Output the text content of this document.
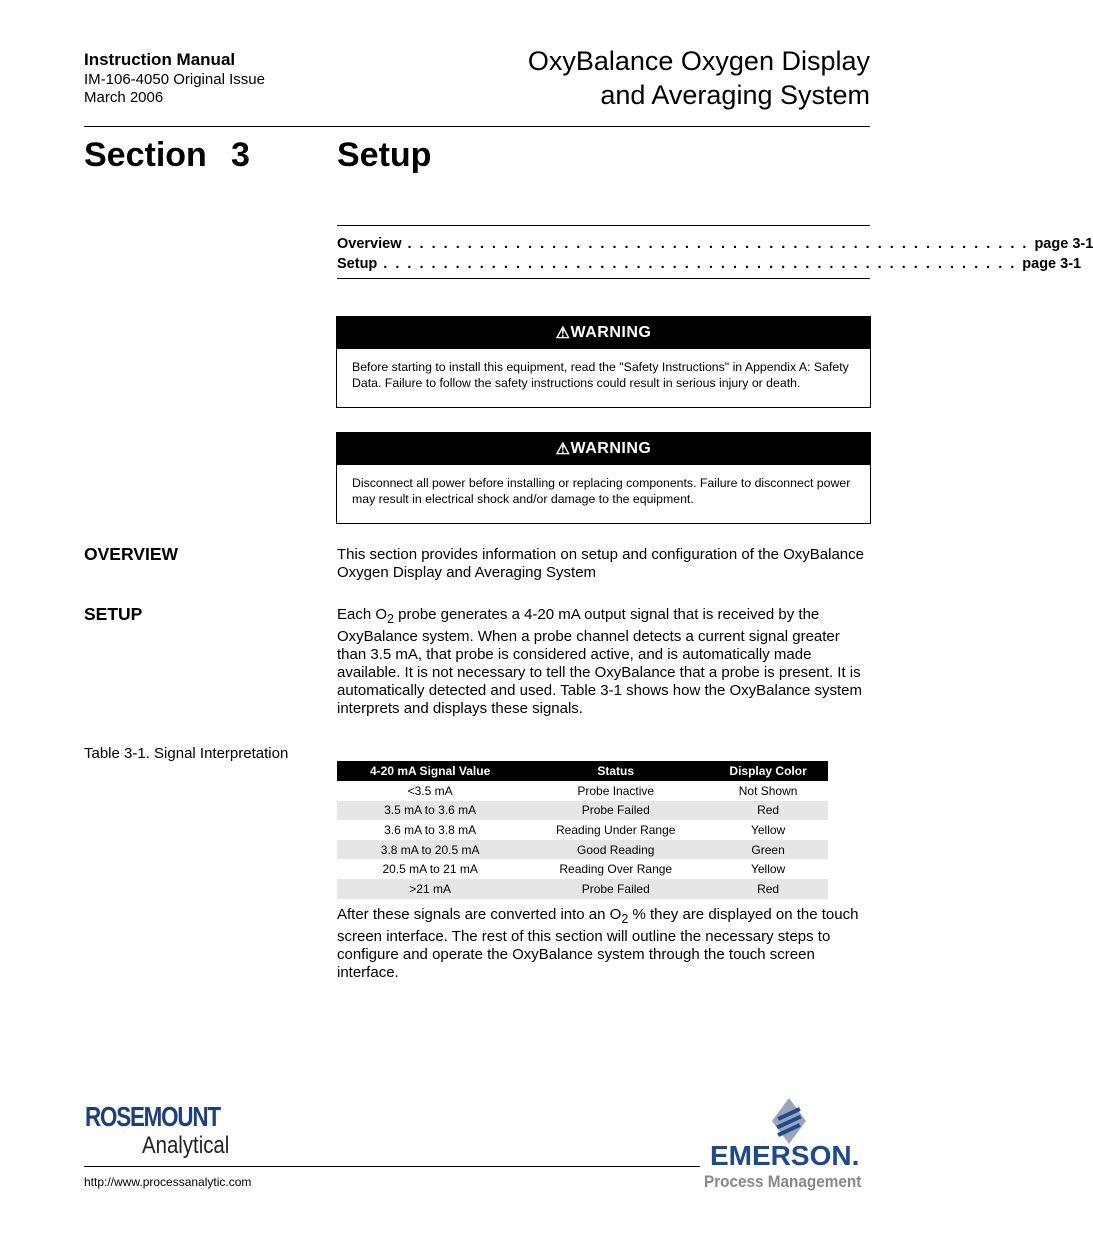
Instruction Manual
IM-106-4050 Original Issue
March 2006
OxyBalance Oxygen Display
and Averaging System
Section 3	Setup
Overview . . . . . . . . . . . . . . . . . . . . . . . . . . . . . . . . . . . . . . . . . . . . . . . . . . . . page 3-1
Setup . . . . . . . . . . . . . . . . . . . . . . . . . . . . . . . . . . . . . . . . . . . . . . . . . . . . . page 3-1
⚠ WARNING
Before starting to install this equipment, read the "Safety Instructions" in Appendix A: Safety Data. Failure to follow the safety instructions could result in serious injury or death.
⚠ WARNING
Disconnect all power before installing or replacing components. Failure to disconnect power may result in electrical shock and/or damage to the equipment.
OVERVIEW	This section provides information on setup and configuration of the OxyBalance Oxygen Display and Averaging System
SETUP	Each $O_2$ probe generates a 4-20 mA output signal that is received by the OxyBalance system. When a probe channel detects a current signal greater than 3.5 mA, that probe is considered active, and is automatically made available. It is not necessary to tell the OxyBalance that a probe is present. It is automatically detected and used. Table 3-1 shows how the OxyBalance system interprets and displays these signals.
Table 3-1. Signal Interpretation
4-20 mA Signal Value	Status	Display Color
<3.5 mA	Probe Inactive	Not Shown
3.5 mA to 3.6 mA	Probe Failed	Red
3.6 mA to 3.8 mA	Reading Under Range	Yellow
3.8 mA to 20.5 mA	Good Reading	Green
20.5 mA to 21 mA	Reading Over Range	Yellow
>21 mA	Probe Failed	Red
After these signals are converted into an $O_2$ % they are displayed on the touch screen interface. The rest of this section will outline the necessary steps to configure and operate the OxyBalance system through the touch screen interface.
ROSEMOUNT
Analytical
http://www.processanalytic.com
EMERSON.
Process Management
